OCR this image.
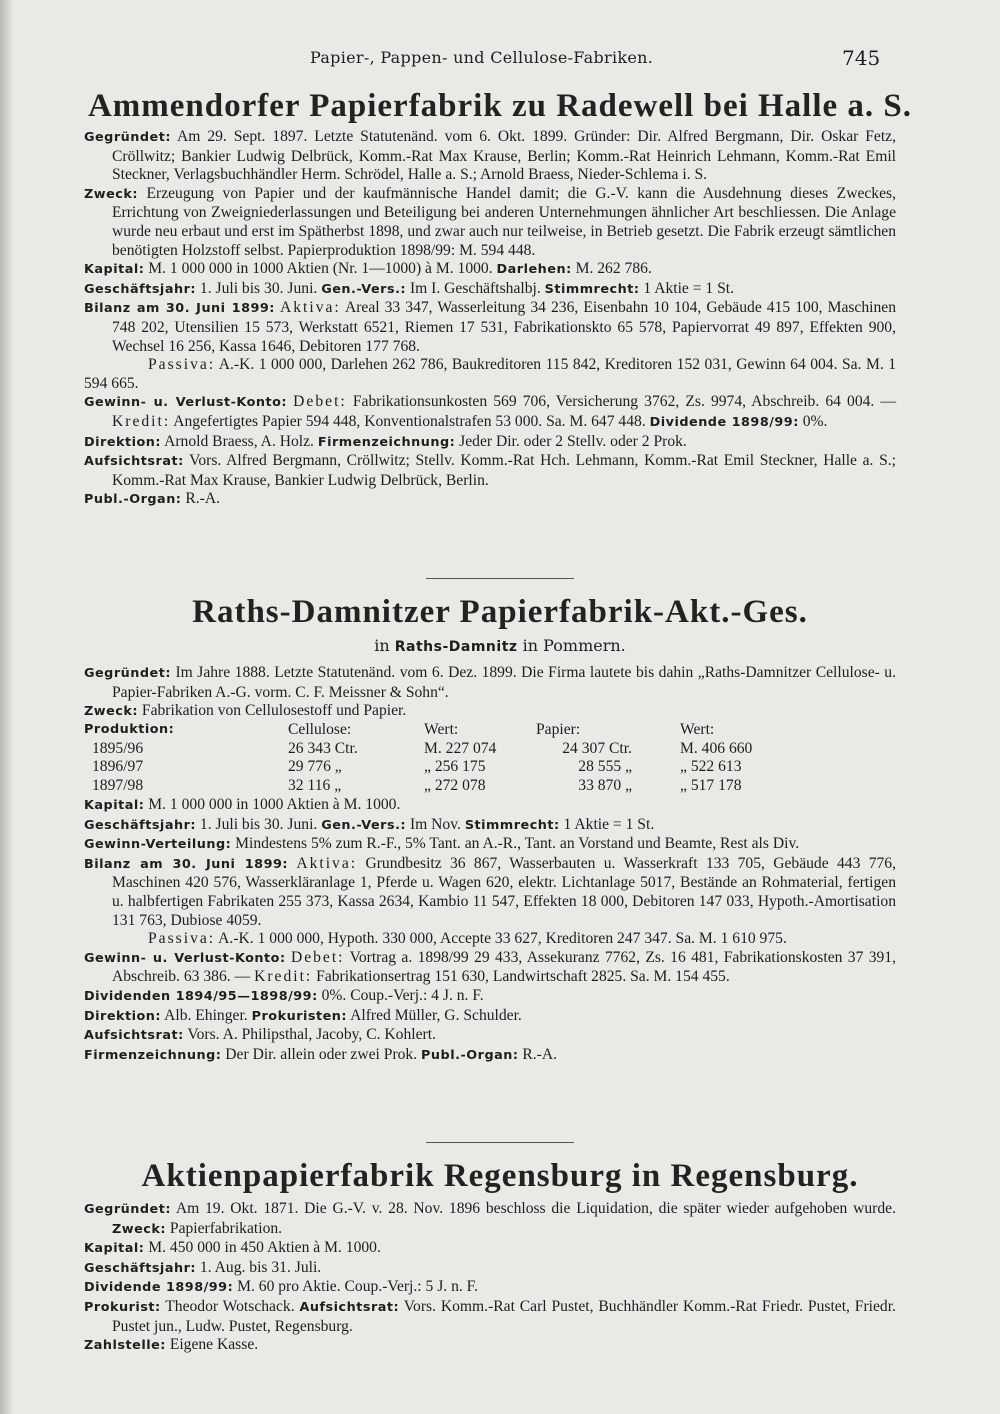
Papier-, Pappen- und Cellulose-Fabriken.	745
Ammendorfer Papierfabrik zu Radewell bei Halle a. S.

Gegründet: Am 29. Sept. 1897. Letzte Statutenänd. vom 6. Okt. 1899. Gründer: Dir. Alfred Bergmann, Dir. Oskar Fetz, Cröllwitz; Bankier Ludwig Delbrück, Komm.-Rat Max Krause, Berlin; Komm.-Rat Heinrich Lehmann, Komm.-Rat Emil Steckner, Verlagsbuchhändler Herm. Schrödel, Halle a. S.; Arnold Braess, Nieder-Schlema i. S.

Zweck: Erzeugung von Papier und der kaufmännische Handel damit; die G.-V. kann die Ausdehnung dieses Zweckes, Errichtung von Zweigniederlassungen und Beteiligung bei anderen Unternehmungen ähnlicher Art beschliessen. Die Anlage wurde neu erbaut und erst im Spätherbst 1898, und zwar auch nur teilweise, in Betrieb gesetzt. Die Fabrik erzeugt sämtlichen benötigten Holzstoff selbst. Papierproduktion 1898/99: M. 594 448.

Kapital: M. 1 000 000 in 1000 Aktien (Nr. 1—1000) à M. 1000. Darlehen: M. 262 786.

Geschäftsjahr: 1. Juli bis 30. Juni. Gen.-Vers.: Im I. Geschäftshalbj. Stimmrecht: 1 Aktie = 1 St.

Bilanz am 30. Juni 1899: Aktiva: Areal 33 347, Wasserleitung 34 236, Eisenbahn 10 104, Gebäude 415 100, Maschinen 748 202, Utensilien 15 573, Werkstatt 6521, Riemen 17 531, Fabrikationskto 65 578, Papiervorrat 49 897, Effekten 900, Wechsel 16 256, Kassa 1646, Debitoren 177 768.

Passiva: A.-K. 1 000 000, Darlehen 262 786, Baukreditoren 115 842, Kreditoren 152 031, Gewinn 64 004. Sa. M. 1 594 665.

Gewinn- u. Verlust-Konto: Debet: Fabrikationsunkosten 569 706, Versicherung 3762, Zs. 9974, Abschreib. 64 004. — Kredit: Angefertigtes Papier 594 448, Konventionalstrafen 53 000. Sa. M. 647 448. Dividende 1898/99: 0%.

Direktion: Arnold Braess, A. Holz. Firmenzeichnung: Jeder Dir. oder 2 Stellv. oder 2 Prok.

Aufsichtsrat: Vors. Alfred Bergmann, Cröllwitz; Stellv. Komm.-Rat Hch. Lehmann, Komm.-Rat Emil Steckner, Halle a. S.; Komm.-Rat Max Krause, Bankier Ludwig Delbrück, Berlin.

Publ.-Organ: R.-A.

Raths-Damnitzer Papierfabrik-Akt.-Ges.
in Raths-Damnitz in Pommern.

Gegründet: Im Jahre 1888. Letzte Statutenänd. vom 6. Dez. 1899. Die Firma lautete bis dahin „Raths-Damnitzer Cellulose- u. Papier-Fabriken A.-G. vorm. C. F. Meissner & Sohn“.

Zweck: Fabrikation von Cellulosestoff und Papier.

Produktion:	Cellulose:	Wert:	Papier:	Wert:	
1895/96	26 343 Ctr.	M. 227 074	24 307 Ctr.	M. 406 660	
1896/97	29 776 „	„ 256 175	28 555 „	„ 522 613	
1897/98	32 116 „	„ 272 078	33 870 „	„ 517 178	

Kapital: M. 1 000 000 in 1000 Aktien à M. 1000.

Geschäftsjahr: 1. Juli bis 30. Juni. Gen.-Vers.: Im Nov. Stimmrecht: 1 Aktie = 1 St.

Gewinn-Verteilung: Mindestens 5% zum R.-F., 5% Tant. an A.-R., Tant. an Vorstand und Beamte, Rest als Div.

Bilanz am 30. Juni 1899: Aktiva: Grundbesitz 36 867, Wasserbauten u. Wasserkraft 133 705, Gebäude 443 776, Maschinen 420 576, Wasserkläranlage 1, Pferde u. Wagen 620, elektr. Lichtanlage 5017, Bestände an Rohmaterial, fertigen u. halbfertigen Fabrikaten 255 373, Kassa 2634, Kambio 11 547, Effekten 18 000, Debitoren 147 033, Hypoth.-Amortisation 131 763, Dubiose 4059.

Passiva: A.-K. 1 000 000, Hypoth. 330 000, Accepte 33 627, Kreditoren 247 347. Sa. M. 1 610 975.

Gewinn- u. Verlust-Konto: Debet: Vortrag a. 1898/99 29 433, Assekuranz 7762, Zs. 16 481, Fabrikationskosten 37 391, Abschreib. 63 386. — Kredit: Fabrikationsertrag 151 630, Landwirtschaft 2825. Sa. M. 154 455.

Dividenden 1894/95—1898/99: 0%. Coup.-Verj.: 4 J. n. F.

Direktion: Alb. Ehinger. Prokuristen: Alfred Müller, G. Schulder.

Aufsichtsrat: Vors. A. Philipsthal, Jacoby, C. Kohlert.

Firmenzeichnung: Der Dir. allein oder zwei Prok. Publ.-Organ: R.-A.

Aktienpapierfabrik Regensburg in Regensburg.

Gegründet: Am 19. Okt. 1871. Die G.-V. v. 28. Nov. 1896 beschloss die Liquidation, die später wieder aufgehoben wurde. Zweck: Papierfabrikation.

Kapital: M. 450 000 in 450 Aktien à M. 1000.

Geschäftsjahr: 1. Aug. bis 31. Juli.

Dividende 1898/99: M. 60 pro Aktie. Coup.-Verj.: 5 J. n. F.

Prokurist: Theodor Wotschack. Aufsichtsrat: Vors. Komm.-Rat Carl Pustet, Buchhändler Komm.-Rat Friedr. Pustet, Friedr. Pustet jun., Ludw. Pustet, Regensburg.

Zahlstelle: Eigene Kasse.
